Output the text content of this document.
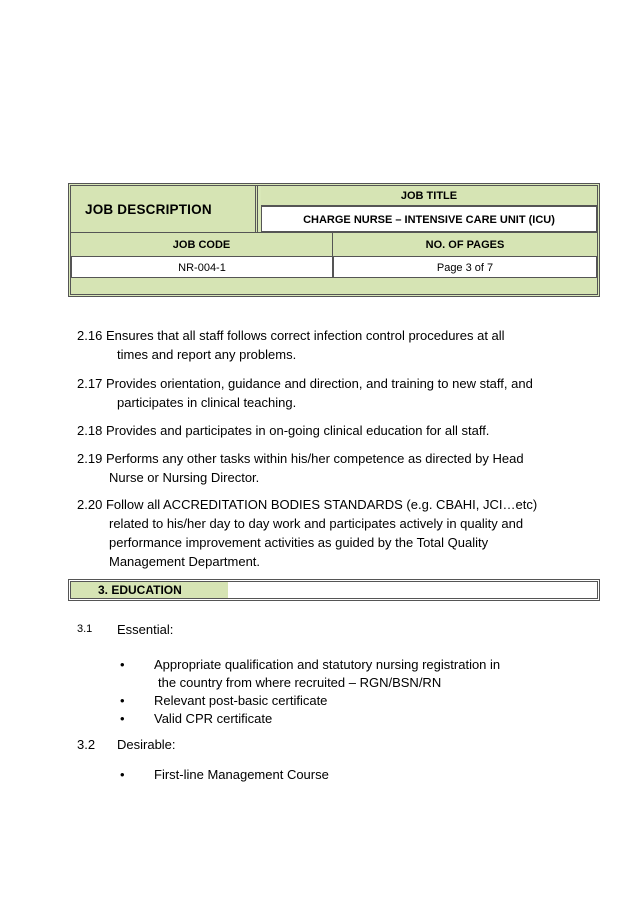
JOB DESCRIPTION
JOB TITLE
CHARGE NURSE – INTENSIVE CARE UNIT (ICU)
JOB CODE	NO. OF PAGES
NR-004-1	Page 3 of 7
2.16 Ensures that all staff follows correct infection control procedures at all
times and report any problems.
2.17 Provides orientation, guidance and direction, and training to new staff, and
participates in clinical teaching.
2.18 Provides and participates in on-going clinical education for all staff.
2.19 Performs any other tasks within his/her competence as directed by Head
Nurse or Nursing Director.
2.20 Follow all ACCREDITATION BODIES STANDARDS (e.g. CBAHI, JCI…etc)
related to his/her day to day work and participates actively in quality and
performance improvement activities as guided by the Total Quality
Management Department.
3. EDUCATION
3.1 Essential:
• Appropriate qualification and statutory nursing registration in
the country from where recruited – RGN/BSN/RN
• Relevant post-basic certificate
• Valid CPR certificate
3.2 Desirable:
• First-line Management Course
